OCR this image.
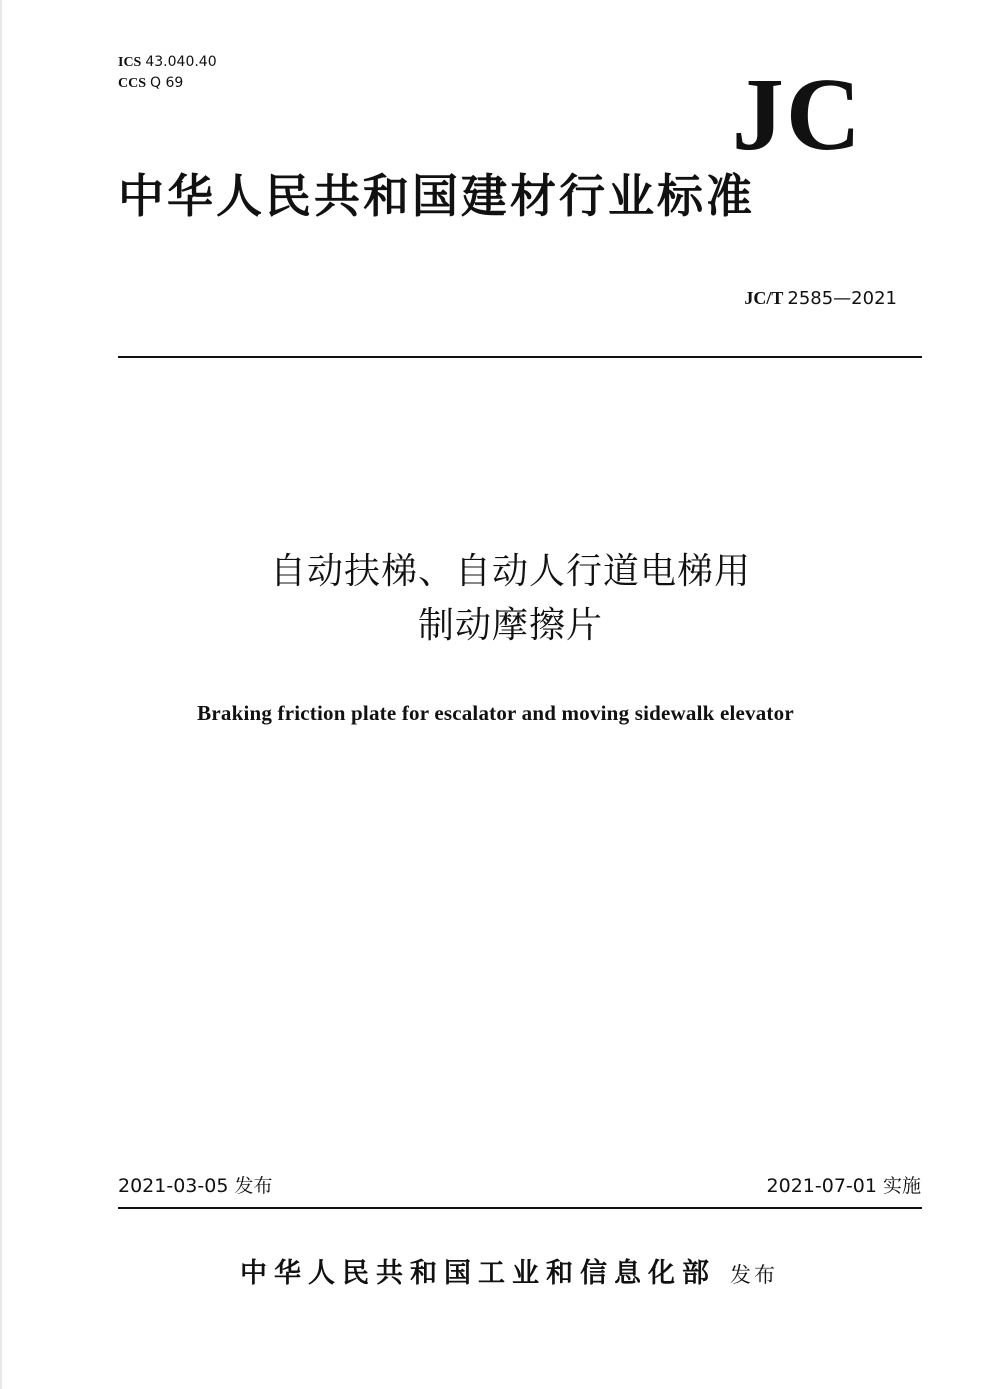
ICS 43.040.40
CCS Q 69	JC
中华人民共和国建材行业标准
JC/T 2585—2021
自动扶梯、自动人行道电梯用
制动摩擦片
Braking friction plate for escalator and moving sidewalk elevator
2021-03-05 发布	2021-07-01 实施
中华人民共和国工业和信息化部 发布
